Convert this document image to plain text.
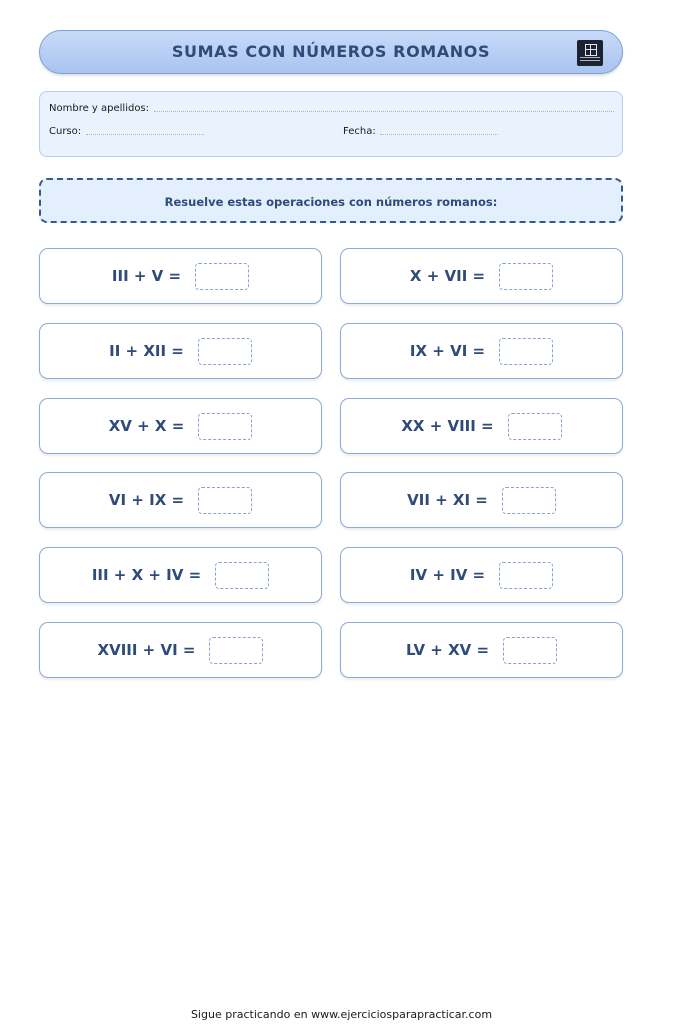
SUMAS CON NÚMEROS ROMANOS
Nombre y apellidos:
Curso:	Fecha:
Resuelve estas operaciones con números romanos:
III + V =	X + VII =
II + XII =	IX + VI =
XV + X =	XX + VIII =
VI + IX =	VII + XI =
III + X + IV =	IV + IV =
XVIII + VI =	LV + XV =
Sigue practicando en www.ejerciciosparapracticar.com
